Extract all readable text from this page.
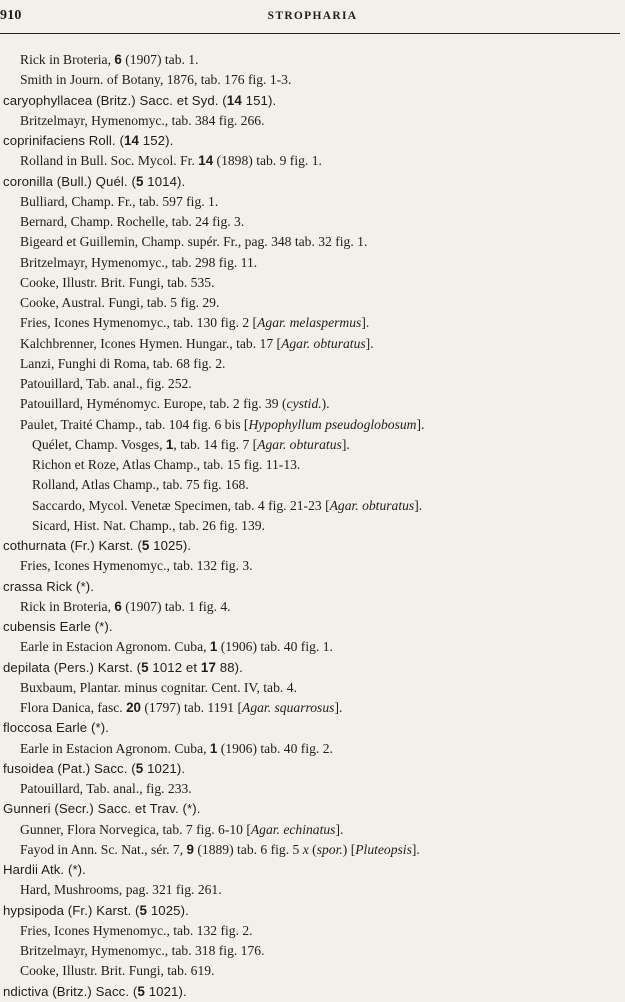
910	STROPHARIA
Rick in Broteria, 6 (1907) tab. 1.
Smith in Journ. of Botany, 1876, tab. 176 fig. 1-3.
caryophyllacea (Britz.) Sacc. et Syd. (14 151).
Britzelmayr, Hymenomyc., tab. 384 fig. 266.
coprinifaciens Roll. (14 152).
Rolland in Bull. Soc. Mycol. Fr. 14 (1898) tab. 9 fig. 1.
coronilla (Bull.) Quél. (5 1014).
Bulliard, Champ. Fr., tab. 597 fig. 1.
Bernard, Champ. Rochelle, tab. 24 fig. 3.
Bigeard et Guillemin, Champ. supér. Fr., pag. 348 tab. 32 fig. 1.
Britzelmayr, Hymenomyc., tab. 298 fig. 11.
Cooke, Illustr. Brit. Fungi, tab. 535.
Cooke, Austral. Fungi, tab. 5 fig. 29.
Fries, Icones Hymenomyc., tab. 130 fig. 2 [Agar. melaspermus].
Kalchbrenner, Icones Hymen. Hungar., tab. 17 [Agar. obturatus].
Lanzi, Funghi di Roma, tab. 68 fig. 2.
Patouillard, Tab. anal., fig. 252.
Patouillard, Hyménomyc. Europe, tab. 2 fig. 39 (cystid.).
Paulet, Traité Champ., tab. 104 fig. 6 bis [Hypophyllum pseudoglobosum].
Quélet, Champ. Vosges, 1, tab. 14 fig. 7 [Agar. obturatus].
Richon et Roze, Atlas Champ., tab. 15 fig. 11-13.
Rolland, Atlas Champ., tab. 75 fig. 168.
Saccardo, Mycol. Venetæ Specimen, tab. 4 fig. 21-23 [Agar. obturatus].
Sicard, Hist. Nat. Champ., tab. 26 fig. 139.
cothurnata (Fr.) Karst. (5 1025).
Fries, Icones Hymenomyc., tab. 132 fig. 3.
crassa Rick (*).
Rick in Broteria, 6 (1907) tab. 1 fig. 4.
cubensis Earle (*).
Earle in Estacion Agronom. Cuba, 1 (1906) tab. 40 fig. 1.
depilata (Pers.) Karst. (5 1012 et 17 88).
Buxbaum, Plantar. minus cognitar. Cent. IV, tab. 4.
Flora Danica, fasc. 20 (1797) tab. 1191 [Agar. squarrosus].
floccosa Earle (*).
Earle in Estacion Agronom. Cuba, 1 (1906) tab. 40 fig. 2.
fusoidea (Pat.) Sacc. (5 1021).
Patouillard, Tab. anal., fig. 233.
Gunneri (Secr.) Sacc. et Trav. (*).
Gunner, Flora Norvegica, tab. 7 fig. 6-10 [Agar. echinatus].
Fayod in Ann. Sc. Nat., sér. 7, 9 (1889) tab. 6 fig. 5 x (spor.) [Pluteopsis].
Hardii Atk. (*).
Hard, Mushrooms, pag. 321 fig. 261.
hypsipoda (Fr.) Karst. (5 1025).
Fries, Icones Hymenomyc., tab. 132 fig. 2.
Britzelmayr, Hymenomyc., tab. 318 fig. 176.
Cooke, Illustr. Brit. Fungi, tab. 619.
ndictiva (Britz.) Sacc. (5 1021).
